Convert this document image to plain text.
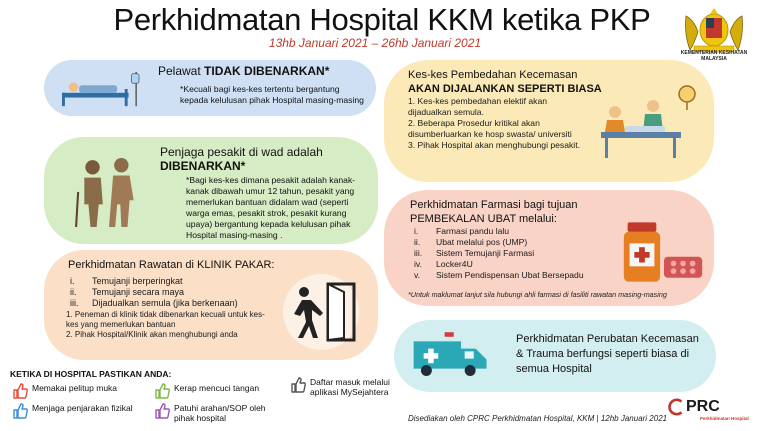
Perkhidmatan Hospital KKM ketika PKP
13hb Januari 2021 – 26hb Januari 2021
KEMENTERIAN KESIHATAN MALAYSIA
Pelawat TIDAK DIBENARKAN*
*Kecuali bagi kes-kes tertentu bergantung kepada kelulusan pihak Hospital masing-masing
Penjaga pesakit di wad adalah
DIBENARKAN*
*Bagi kes-kes dimana pesakit adalah kanak-kanak dibawah umur 12 tahun, pesakit yang memerlukan bantuan didalam wad (seperti warga emas, pesakit strok, pesakit kurang upaya) bergantung kepada kelulusan pihak Hospital masing-masing .
Perkhidmatan Rawatan di KLINIK PAKAR:
i.	Temujanji berperingkat
ii.	Temujanji secara maya
iii.	Dijadualkan semula (jika berkenaan)
1. Peneman di klinik tidak dibenarkan kecuali untuk kes-kes yang memerlukan bantuan
2. Pihak Hospital/Klinik akan menghubungi anda
Kes-kes Pembedahan Kecemasan
AKAN DIJALANKAN SEPERTI BIASA
1. Kes-kes pembedahan elektif akan dijadualkan semula.
2. Beberapa Prosedur kritikal akan disumberluarkan ke hosp swasta/ universiti
3. Pihak Hospital akan menghubungi pesakit.
Perkhidmatan Farmasi bagi tujuan
PEMBEKALAN UBAT melalui:
i.	Farmasi pandu lalu
ii.	Ubat melalui pos (UMP)
iii.	Sistem Temujanji Farmasi
iv.	Locker4U
v.	Sistem Pendispensan Ubat Bersepadu
*Untuk maklumat lanjut sila hubungi ahli farmasi di fasiliti rawatan masing-masing
Perkhidmatan Perubatan Kecemasan & Trauma berfungsi seperti biasa di semua Hospital
KETIKA DI HOSPITAL PASTIKAN ANDA:
Memakai pelitup muka
Menjaga penjarakan fizikal
Kerap mencuci tangan
Patuhi arahan/SOP oleh pihak hospital
Daftar masuk melalui aplikasi MySejahtera
Disediakan oleh CPRC Perkhidmatan Hospital, KKM | 12hb Januari 2021
PRC
Perkhidmatan Hospital
